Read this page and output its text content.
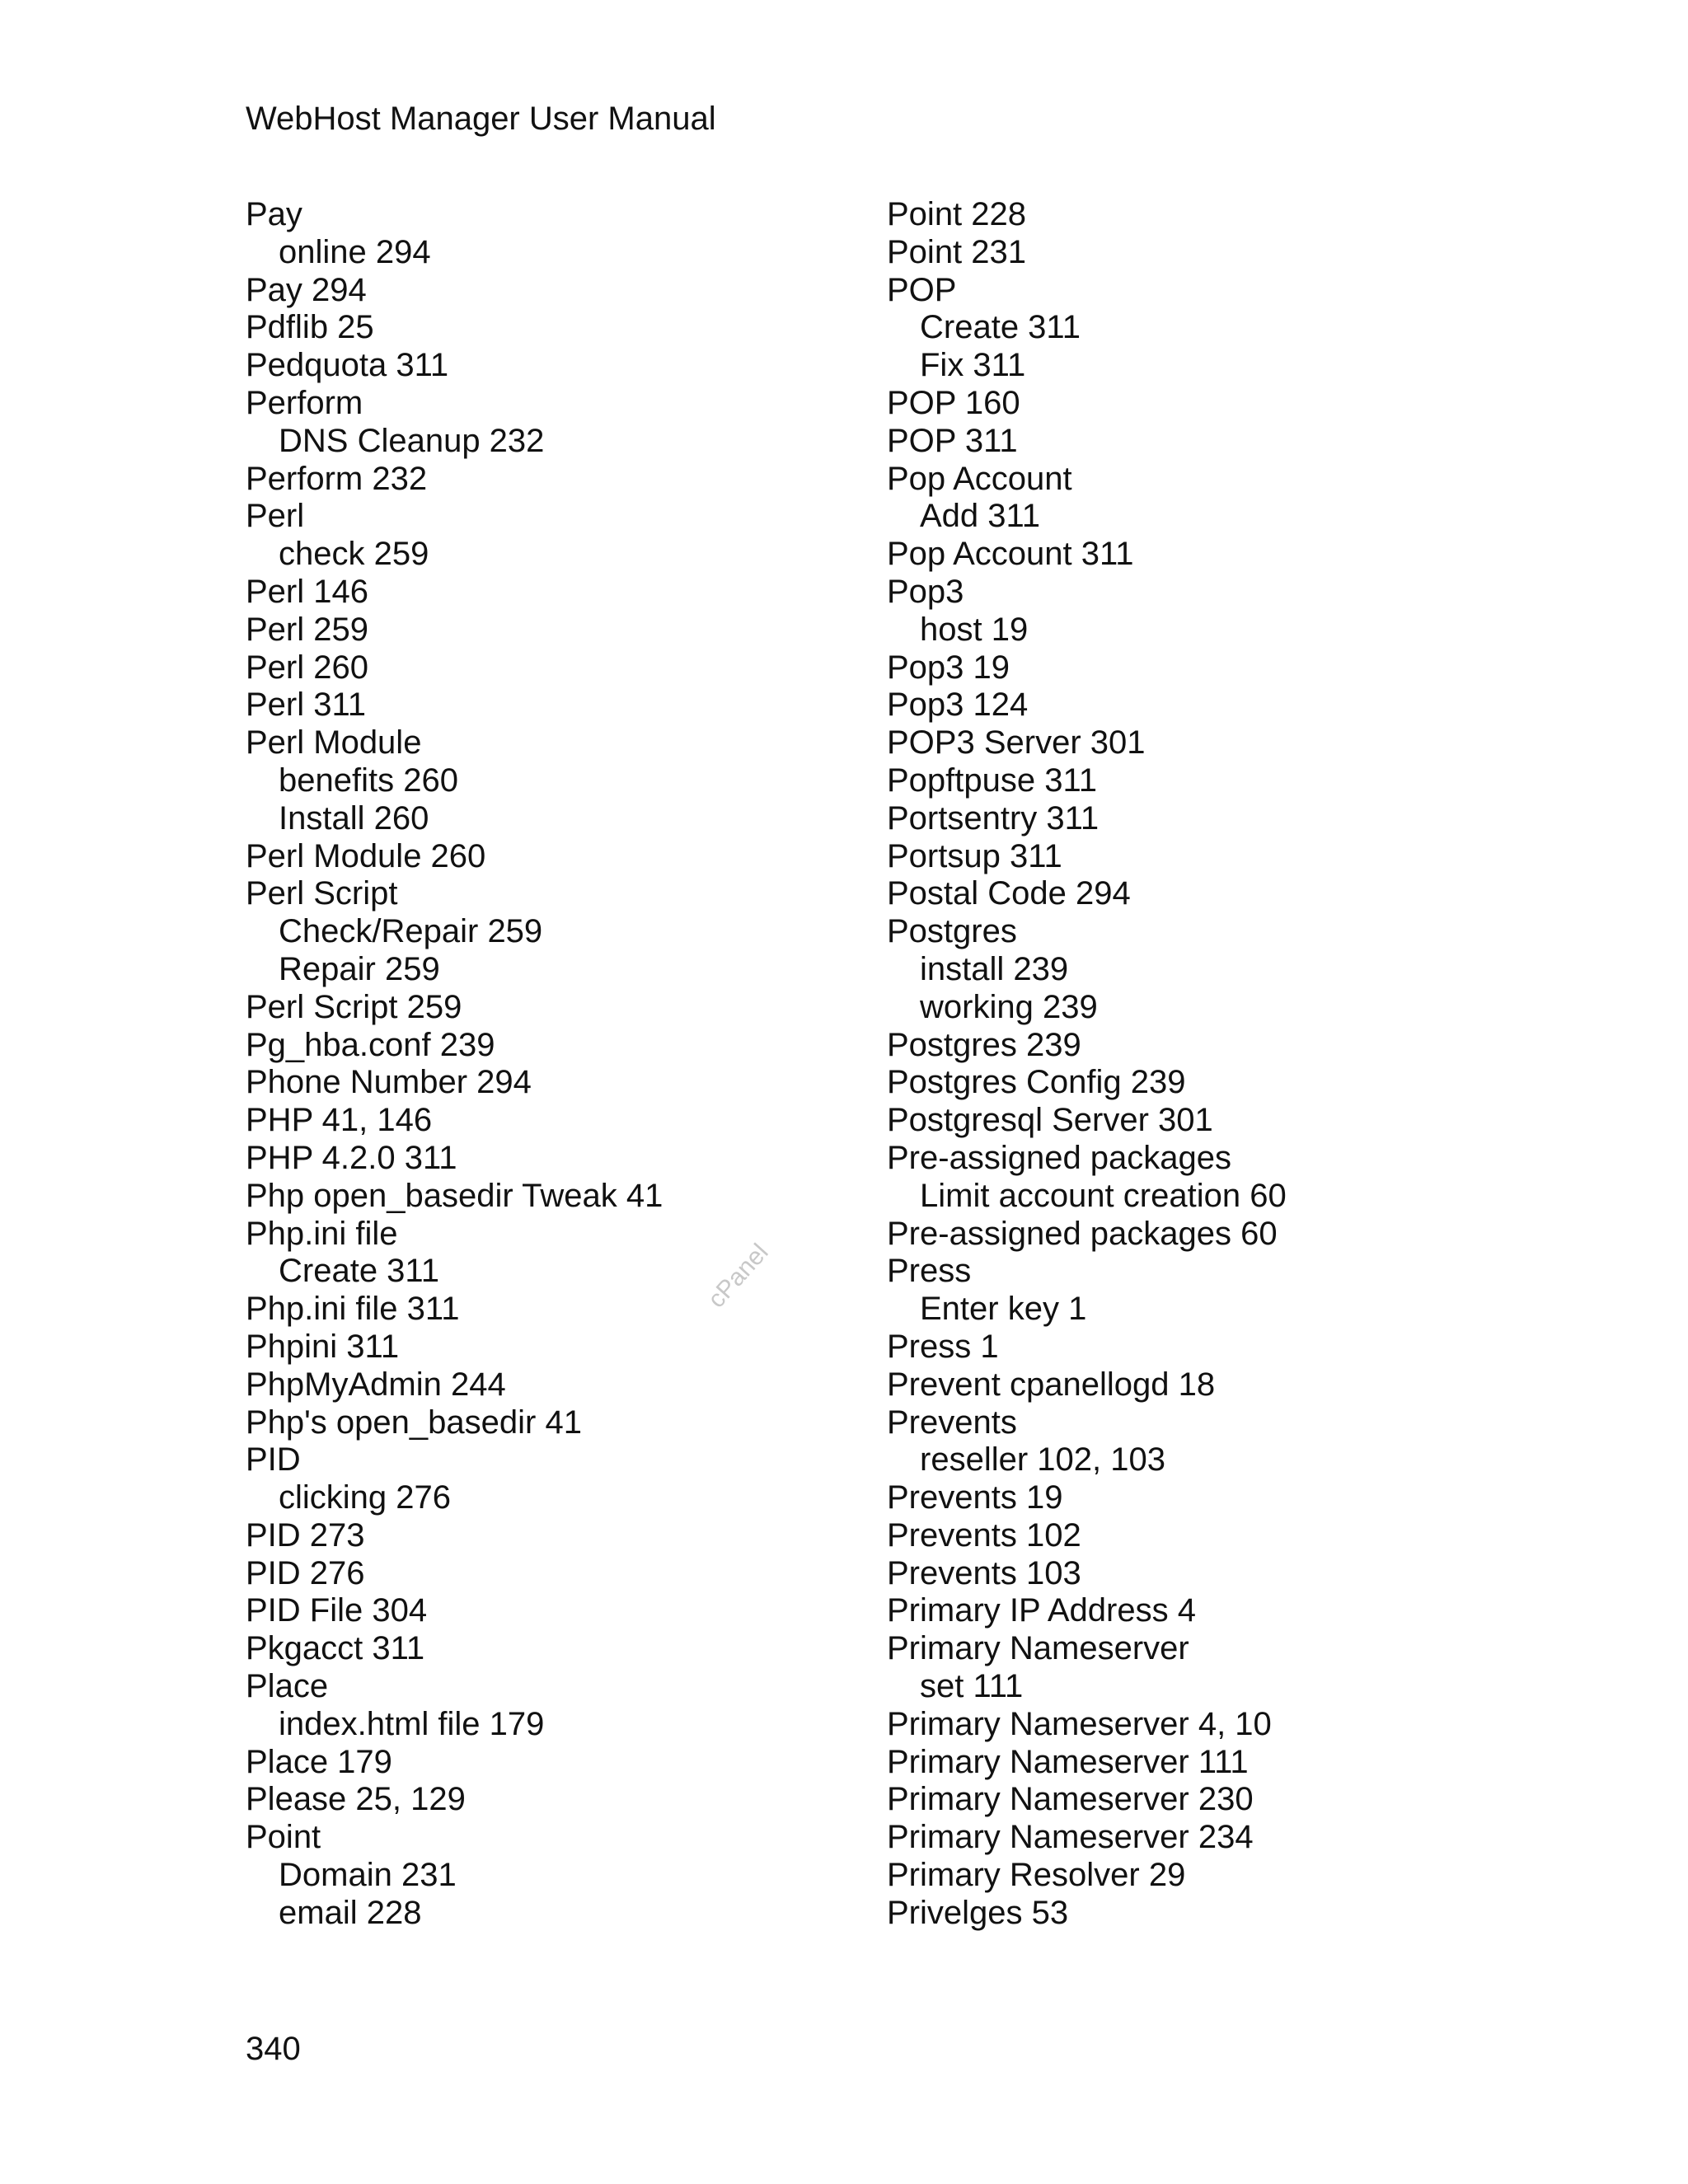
WebHost Manager User Manual
Pay
online 294
Pay 294
Pdflib 25
Pedquota 311
Perform
DNS Cleanup 232
Perform 232
Perl
check 259
Perl 146
Perl 259
Perl 260
Perl 311
Perl Module
benefits 260
Install 260
Perl Module 260
Perl Script
Check/Repair 259
Repair 259
Perl Script 259
Pg_hba.conf 239
Phone Number 294
PHP 41, 146
PHP 4.2.0 311
Php open_basedir Tweak 41
Php.ini file
Create 311
Php.ini file 311
Phpini 311
PhpMyAdmin 244
Php's open_basedir 41
PID
clicking 276
PID 273
PID 276
PID File 304
Pkgacct 311
Place
index.html file 179
Place 179
Please 25, 129
Point
Domain 231
email 228
Point 228
Point 231
POP
Create 311
Fix 311
POP 160
POP 311
Pop Account
Add 311
Pop Account 311
Pop3
host 19
Pop3 19
Pop3 124
POP3 Server 301
Popftpuse 311
Portsentry 311
Portsup 311
Postal Code 294
Postgres
install 239
working 239
Postgres 239
Postgres Config 239
Postgresql Server 301
Pre-assigned packages
Limit account creation 60
Pre-assigned packages 60
Press
Enter key 1
Press 1
Prevent cpanellogd 18
Prevents
reseller 102, 103
Prevents 19
Prevents 102
Prevents 103
Primary IP Address 4
Primary Nameserver
set 111
Primary Nameserver 4, 10
Primary Nameserver 111
Primary Nameserver 230
Primary Nameserver 234
Primary Resolver 29
Privelges 53
cPanel
340
